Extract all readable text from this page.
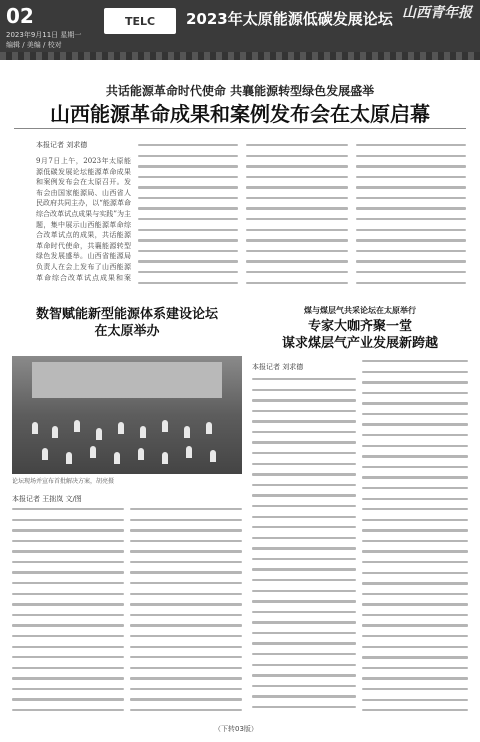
02
2023年9月11日 星期一
编辑 / 美编 / 校对
TELC	2023年太原能源低碳发展论坛 山西青年报
共话能源革命时代使命 共襄能源转型绿色发展盛举
山西能源革命成果和案例发布会在太原启幕
本报记者 刘求德

9月7日上午，2023年太原能源低碳发展论坛能源革命成果和案例发布会在太原召开。发布会由国家能源局、山西省人民政府共同主办，以“能源革命综合改革试点成果与实践”为主题，集中展示山西能源革命综合改革试点的成果，共话能源革命时代使命，共襄能源转型绿色发展盛举。山西省能源局负责人在会上发布了山西能源革命综合改革试点成果和案

数智赋能新型能源体系建设论坛
在太原举办
论坛现场并宣布首批解决方案，胡亮摄
本报记者 王拙岚 文/图
煤与煤层气共采论坛在太原举行
专家大咖齐聚一堂
谋求煤层气产业发展新跨越
本报记者 刘求德
（下转03版）
